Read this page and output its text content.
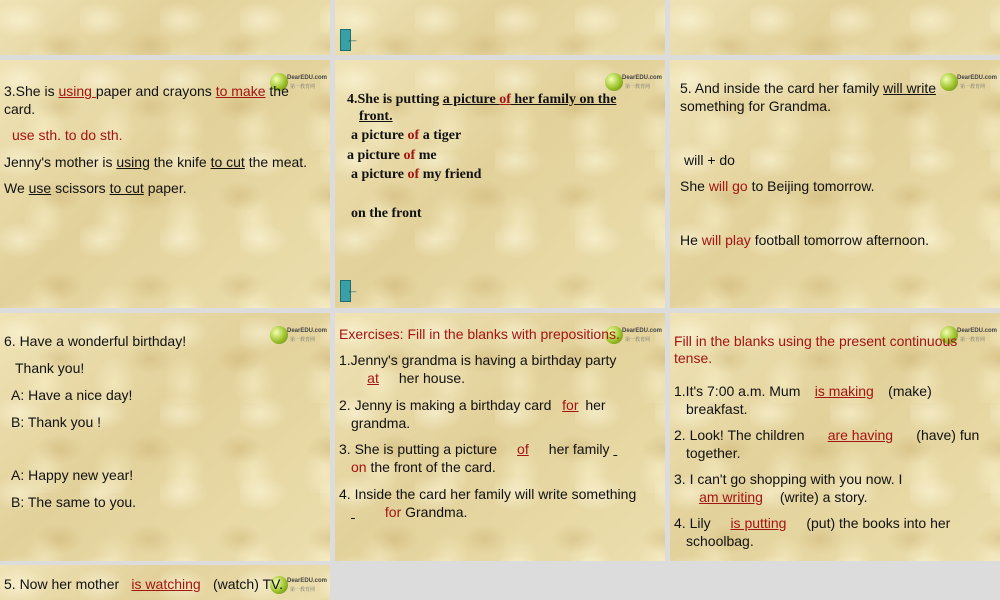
←
DearEDU.com
第一教育网
3.She is using paper and crayons to make the
card.
use sth. to do sth.
Jenny's mother is using the knife to cut the meat.
We use scissors to cut paper.
DearEDU.com
第一教育网
4.She is putting a picture of her family on the
front.
a picture of a tiger
a picture of me
a picture of my friend
on the front
←
DearEDU.com
第一教育网
5. And inside the card her family will write
something for Grandma.
will + do
She will go to Beijing tomorrow.
He will play football tomorrow afternoon.
DearEDU.com
第一教育网
6. Have a wonderful birthday!
Thank you!
A: Have a nice day!
B: Thank you !
A: Happy new year!
B: The same to you.
DearEDU.com
第一教育网
Exercises: Fill in the blanks with prepositions.
1.Jenny's grandma is having a birthday party
at her house.
2. Jenny is making a birthday card for her
grandma.
3. She is putting a picture of her family
on the front of the card.
4. Inside the card her family will write something
for Grandma.
DearEDU.com
第一教育网
Fill in the blanks using the present continuous
tense.
1.It's 7:00 a.m. Mum is making (make)
breakfast.
2. Look! The children are having (have) fun
together.
3. I can't go shopping with you now. I
am writing (write) a story.
4. Lily is putting (put) the books into her
schoolbag.
DearEDU.com
第一教育网
5. Now her mother is watching (watch) TV.
